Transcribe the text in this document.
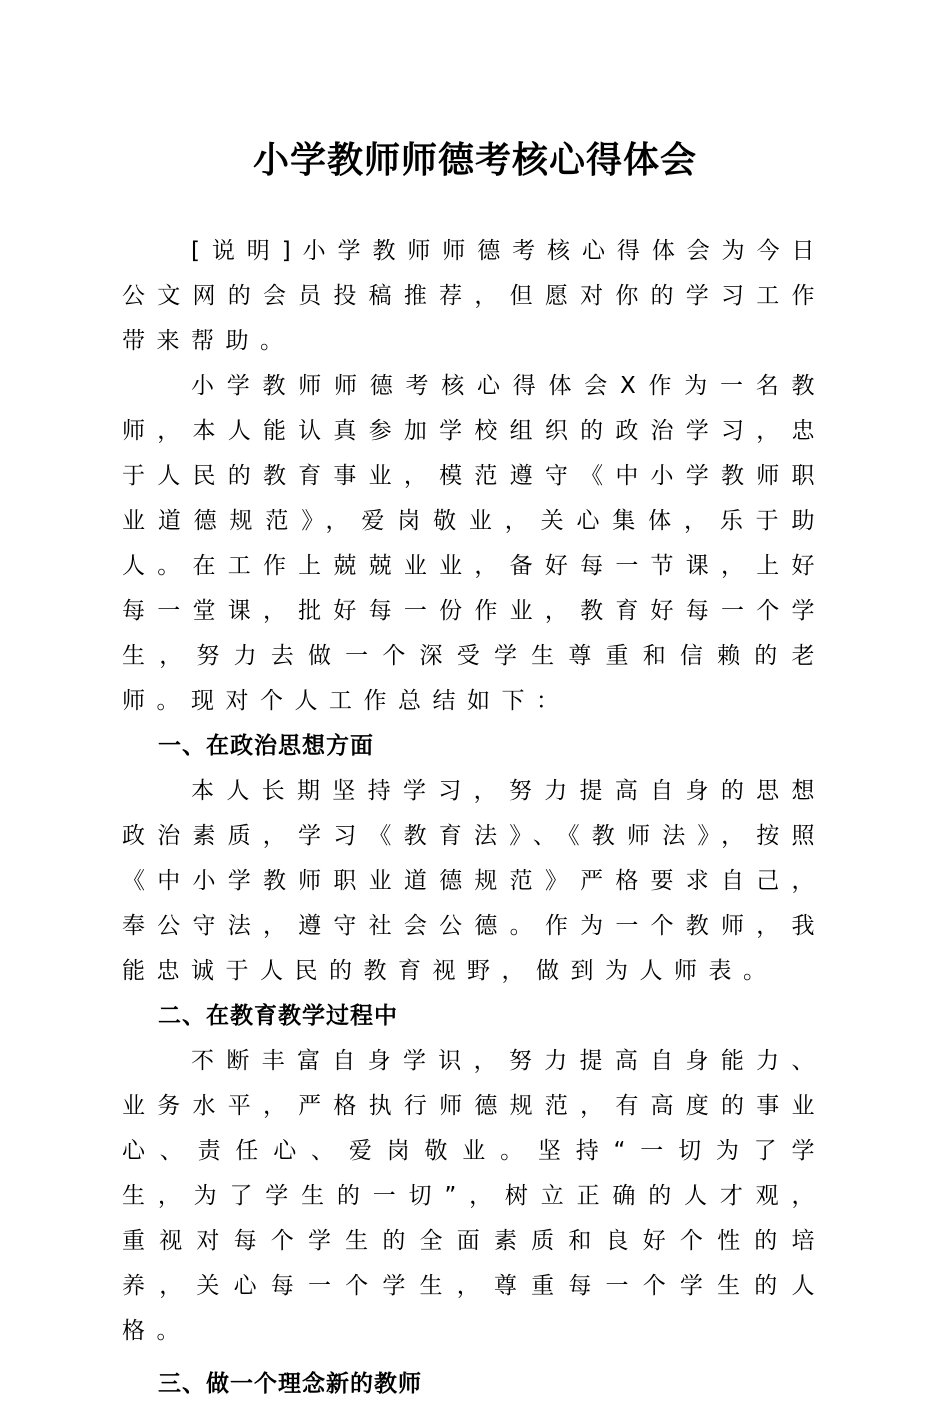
小学教师师德考核心得体会

[说明]小学教师师德考核心得体会为今日公文网的会员投稿推荐，但愿对你的学习工作带来帮助。

小学教师师德考核心得体会X作为一名教师，本人能认真参加学校组织的政治学习，忠于人民的教育事业，模范遵守《中小学教师职业道德规范》，爱岗敬业，关心集体，乐于助人。在工作上兢兢业业，备好每一节课，上好每一堂课，批好每一份作业，教育好每一个学生，努力去做一个深受学生尊重和信赖的老师。现对个人工作总结如下：

一、在政治思想方面

本人长期坚持学习，努力提高自身的思想政治素质，学习《教育法》、《教师法》，按照《中小学教师职业道德规范》严格要求自己，奉公守法，遵守社会公德。作为一个教师，我能忠诚于人民的教育视野，做到为人师表。

二、在教育教学过程中

不断丰富自身学识，努力提高自身能力、业务水平，严格执行师德规范，有高度的事业心、责任心、爱岗敬业。坚持“一切为了学生，为了学生的一切”，树立正确的人才观，重视对每个学生的全面素质和良好个性的培养，关心每一个学生，尊重每一个学生的人格。

三、做一个理念新的教师
